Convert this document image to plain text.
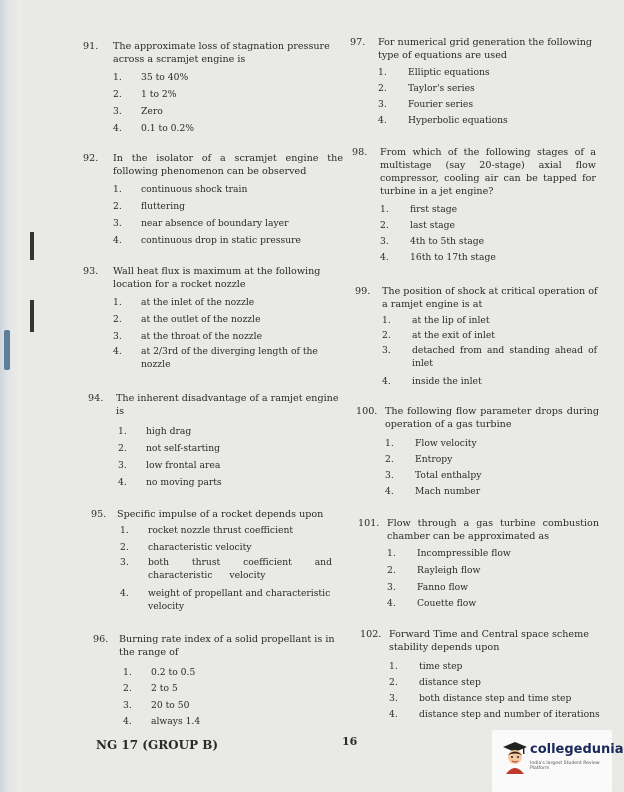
91. The approximate loss of stagnation pressure across a scramjet engine is
1. 35 to 40%
2. 1 to 2%
3. Zero
4. 0.1 to 0.2%
92. In the isolator of a scramjet engine the following phenomenon can be observed
1. continuous shock train
2. fluttering
3. near absence of boundary layer
4. continuous drop in static pressure
93. Wall heat flux is maximum at the following location for a rocket nozzle
1. at the inlet of the nozzle
2. at the outlet of the nozzle
3. at the throat of the nozzle
4. at 2/3rd of the diverging length of the nozzle
94. The inherent disadvantage of a ramjet engine is
1. high drag
2. not self-starting
3. low frontal area
4. no moving parts
95. Specific impulse of a rocket depends upon
1. rocket nozzle thrust coefficient
2. characteristic velocity
3. both thrust coefficient and characteristic velocity
4. weight of propellant and characteristic velocity
96. Burning rate index of a solid propellant is in the range of
1. 0.2 to 0.5
2. 2 to 5
3. 20 to 50
4. always 1.4
97. For numerical grid generation the following type of equations are used
1. Elliptic equations
2. Taylor's series
3. Fourier series
4. Hyperbolic equations
98. From which of the following stages of a multistage (say 20-stage) axial flow compressor, cooling air can be tapped for turbine in a jet engine?
1. first stage
2. last stage
3. 4th to 5th stage
4. 16th to 17th stage
99. The position of shock at critical operation of a ramjet engine is at
1. at the lip of inlet
2. at the exit of inlet
3. detached from and standing ahead of inlet
4. inside the inlet
100. The following flow parameter drops during operation of a gas turbine
1. Flow velocity
2. Entropy
3. Total enthalpy
4. Mach number
101. Flow through a gas turbine combustion chamber can be approximated as
1. Incompressible flow
2. Rayleigh flow
3. Fanno flow
4. Couette flow
102. Forward Time and Central space scheme stability depends upon
1. time step
2. distance step
3. both distance step and time step
4. distance step and number of iterations
NG 17 (GROUP B)	16
collegedunia
India's largest Student Review Platform
